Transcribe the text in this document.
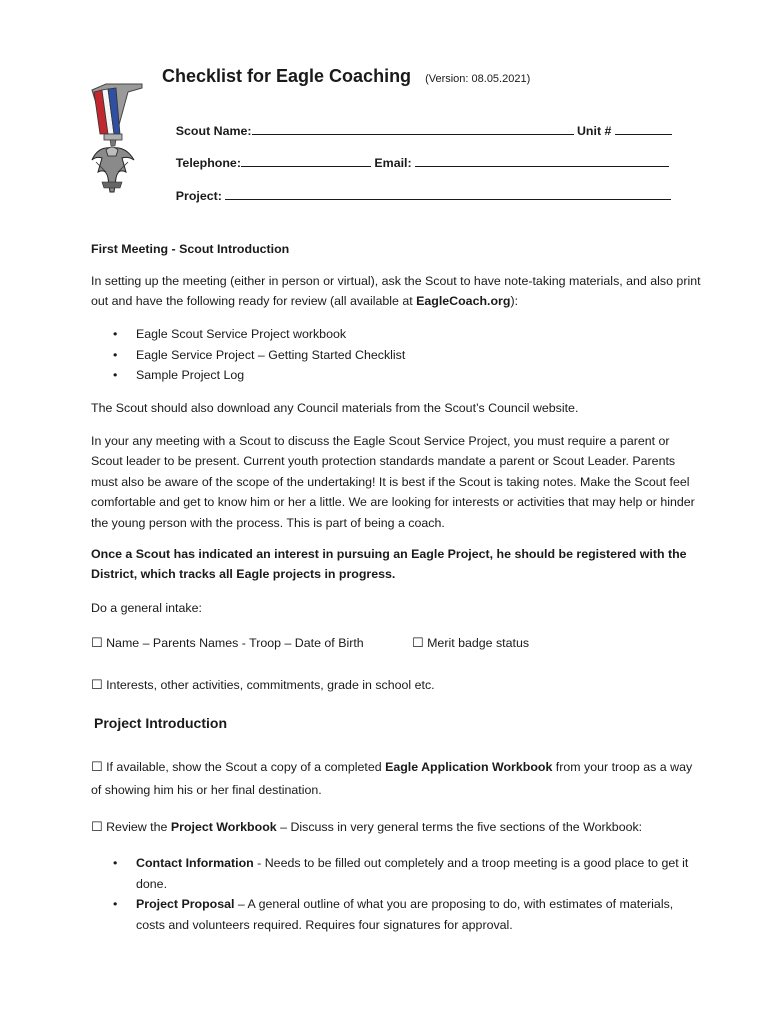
Checklist for Eagle Coaching (Version: 08.05.2021)

Scout Name:	Unit #

Telephone:	Email:

Project:

First Meeting - Scout Introduction

In setting up the meeting (either in person or virtual), ask the Scout to have note-taking materials, and also print out and have the following ready for review (all available at EagleCoach.org):

• Eagle Scout Service Project workbook
• Eagle Service Project – Getting Started Checklist
• Sample Project Log

The Scout should also download any Council materials from the Scout’s Council website.

In your any meeting with a Scout to discuss the Eagle Scout Service Project, you must require a parent or Scout leader to be present. Current youth protection standards mandate a parent or Scout Leader. Parents must also be aware of the scope of the undertaking! It is best if the Scout is taking notes. Make the Scout feel comfortable and get to know him or her a little. We are looking for interests or activities that may help or hinder the young person with the process. This is part of being a coach.

Once a Scout has indicated an interest in pursuing an Eagle Project, he should be registered with the District, which tracks all Eagle projects in progress.

Do a general intake:

☐ Name – Parents Names - Troop – Date of Birth	☐ Merit badge status
☐ Interests, other activities, commitments, grade in school etc.
Project Introduction

☐ If available, show the Scout a copy of a completed Eagle Application Workbook from your troop as a way of showing him his or her final destination.

☐ Review the Project Workbook – Discuss in very general terms the five sections of the Workbook:

• Contact Information - Needs to be filled out completely and a troop meeting is a good place to get it done.
• Project Proposal – A general outline of what you are proposing to do, with estimates of materials, costs and volunteers required. Requires four signatures for approval.
